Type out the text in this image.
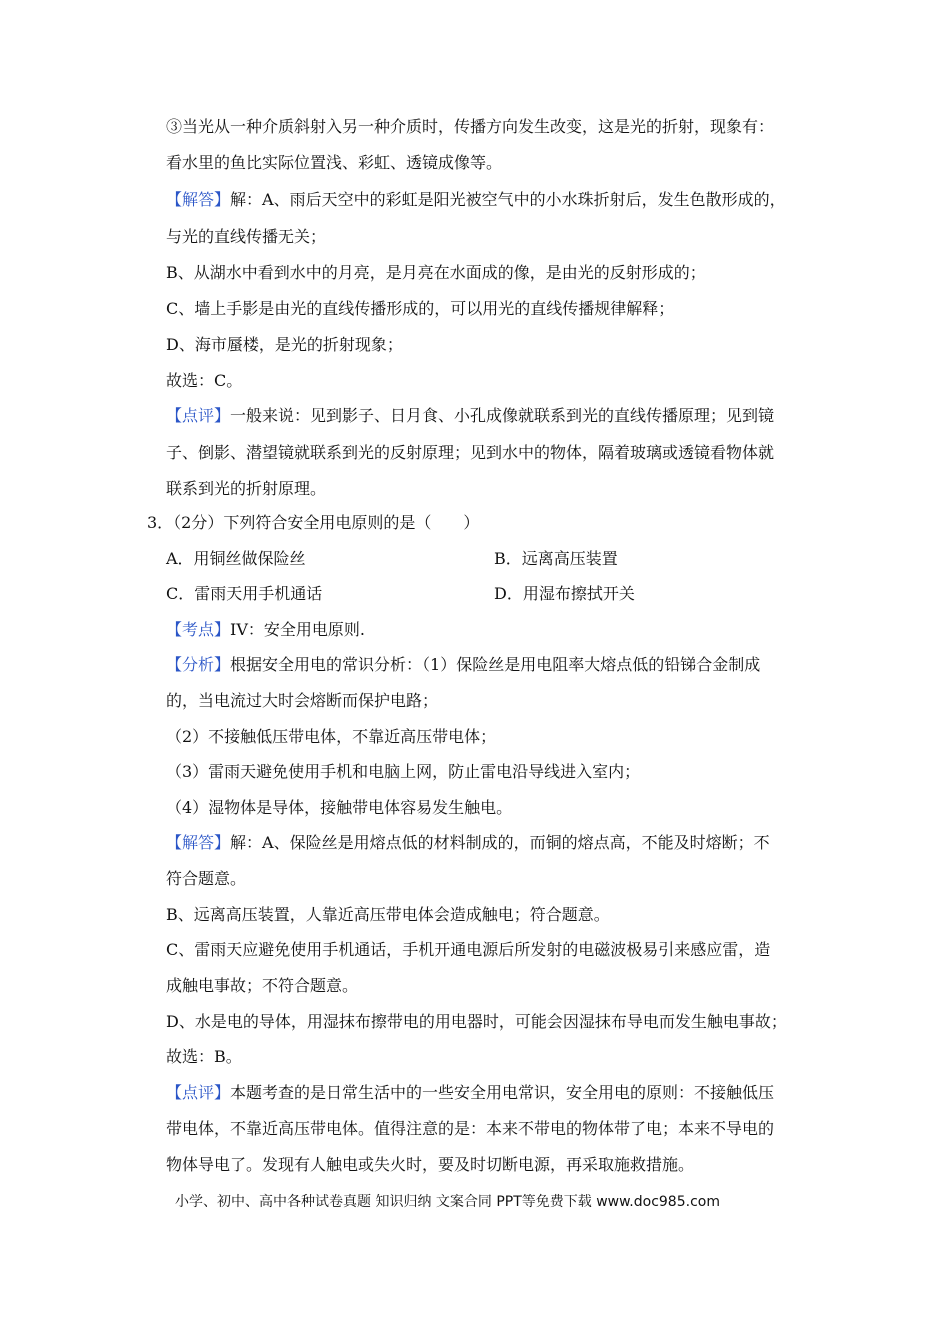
③当光从一种介质斜射入另一种介质时，传播方向发生改变，这是光的折射，现象有：
看水里的鱼比实际位置浅、彩虹、透镜成像等。
【解答】解：A、雨后天空中的彩虹是阳光被空气中的小水珠折射后，发生色散形成的，
与光的直线传播无关；
B、从湖水中看到水中的月亮，是月亮在水面成的像，是由光的反射形成的；
C、墙上手影是由光的直线传播形成的，可以用光的直线传播规律解释；
D、海市蜃楼，是光的折射现象；
故选：C。
【点评】一般来说：见到影子、日月食、小孔成像就联系到光的直线传播原理；见到镜
子、倒影、潜望镜就联系到光的反射原理；见到水中的物体，隔着玻璃或透镜看物体就
联系到光的折射原理。
3．（2分）下列符合安全用电原则的是（　　）
A．用铜丝做保险丝	B．远离高压装置
C．雷雨天用手机通话	D．用湿布擦拭开关
【考点】IV：安全用电原则.
【分析】根据安全用电的常识分析：（1）保险丝是用电阻率大熔点低的铅锑合金制成
的，当电流过大时会熔断而保护电路；
（2）不接触低压带电体，不靠近高压带电体；
（3）雷雨天避免使用手机和电脑上网，防止雷电沿导线进入室内；
（4）湿物体是导体，接触带电体容易发生触电。
【解答】解：A、保险丝是用熔点低的材料制成的，而铜的熔点高，不能及时熔断；不
符合题意。
B、远离高压装置，人靠近高压带电体会造成触电；符合题意。
C、雷雨天应避免使用手机通话，手机开通电源后所发射的电磁波极易引来感应雷，造
成触电事故；不符合题意。
D、水是电的导体，用湿抹布擦带电的用电器时，可能会因湿抹布导电而发生触电事故；
故选：B。
【点评】本题考查的是日常生活中的一些安全用电常识，安全用电的原则：不接触低压
带电体，不靠近高压带电体。值得注意的是：本来不带电的物体带了电；本来不导电的
物体导电了。发现有人触电或失火时，要及时切断电源，再采取施救措施。
小学、初中、高中各种试卷真题 知识归纳 文案合同 PPT等免费下载 www.doc985.com
